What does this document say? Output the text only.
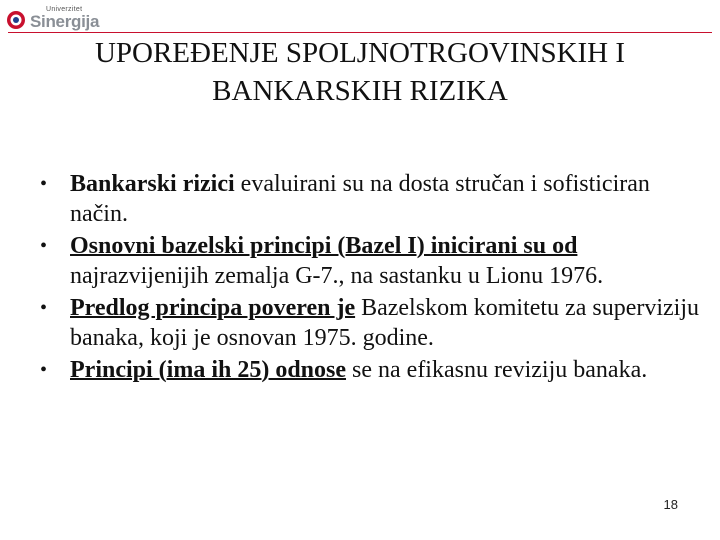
Univerzitet
Sinergija
UPOREĐENJE SPOLJNOTRGOVINSKIH I
BANKARSKIH RIZIKA
• Bankarski rizici evaluirani su na dosta stručan i sofisticiran način.
• Osnovni bazelski principi (Bazel I) inicirani su od najrazvijenijih zemalja G-7., na sastanku u Lionu 1976.
• Predlog principa poveren je Bazelskom komitetu za superviziju banaka, koji je osnovan 1975. godine.
• Principi (ima ih 25) odnose se na efikasnu reviziju banaka.
18
